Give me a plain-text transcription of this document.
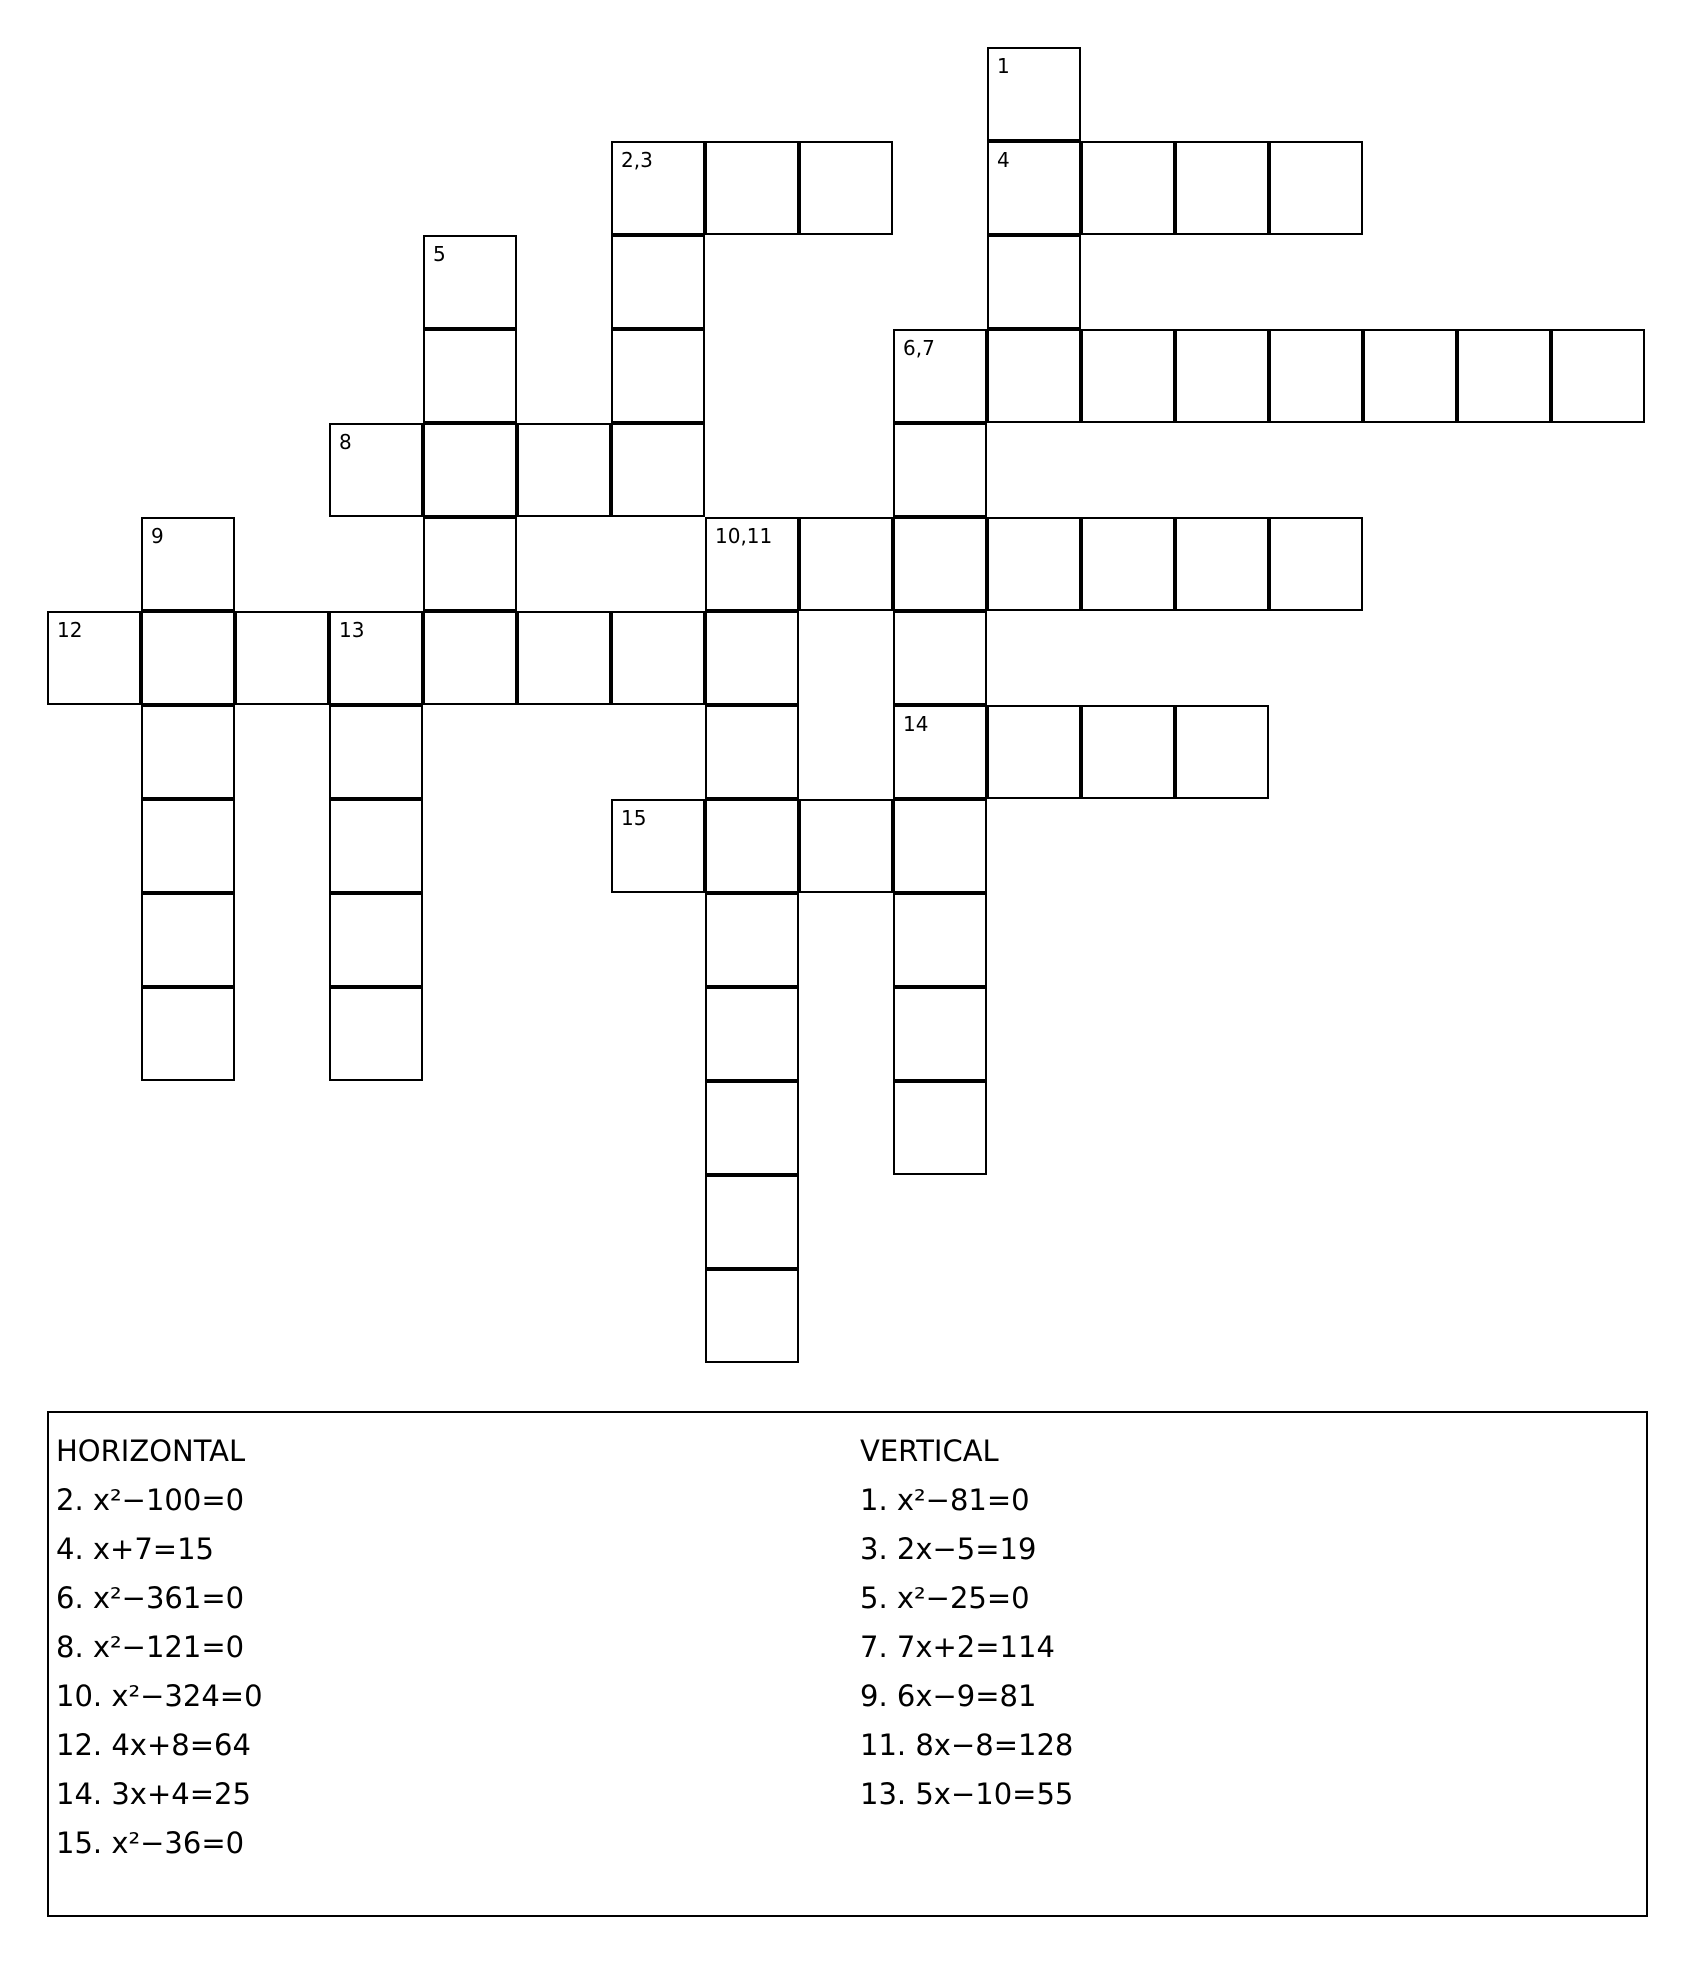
1
2,3	4
5
6,7
8
9	10,11
12	13
14
15
HORIZONTAL
2. x²−100=0
4. x+7=15
6. x²−361=0
8. x²−121=0
10. x²−324=0
12. 4x+8=64
14. 3x+4=25
15. x²−36=0
VERTICAL
1. x²−81=0
3. 2x−5=19
5. x²−25=0
7. 7x+2=114
9. 6x−9=81
11. 8x−8=128
13. 5x−10=55
